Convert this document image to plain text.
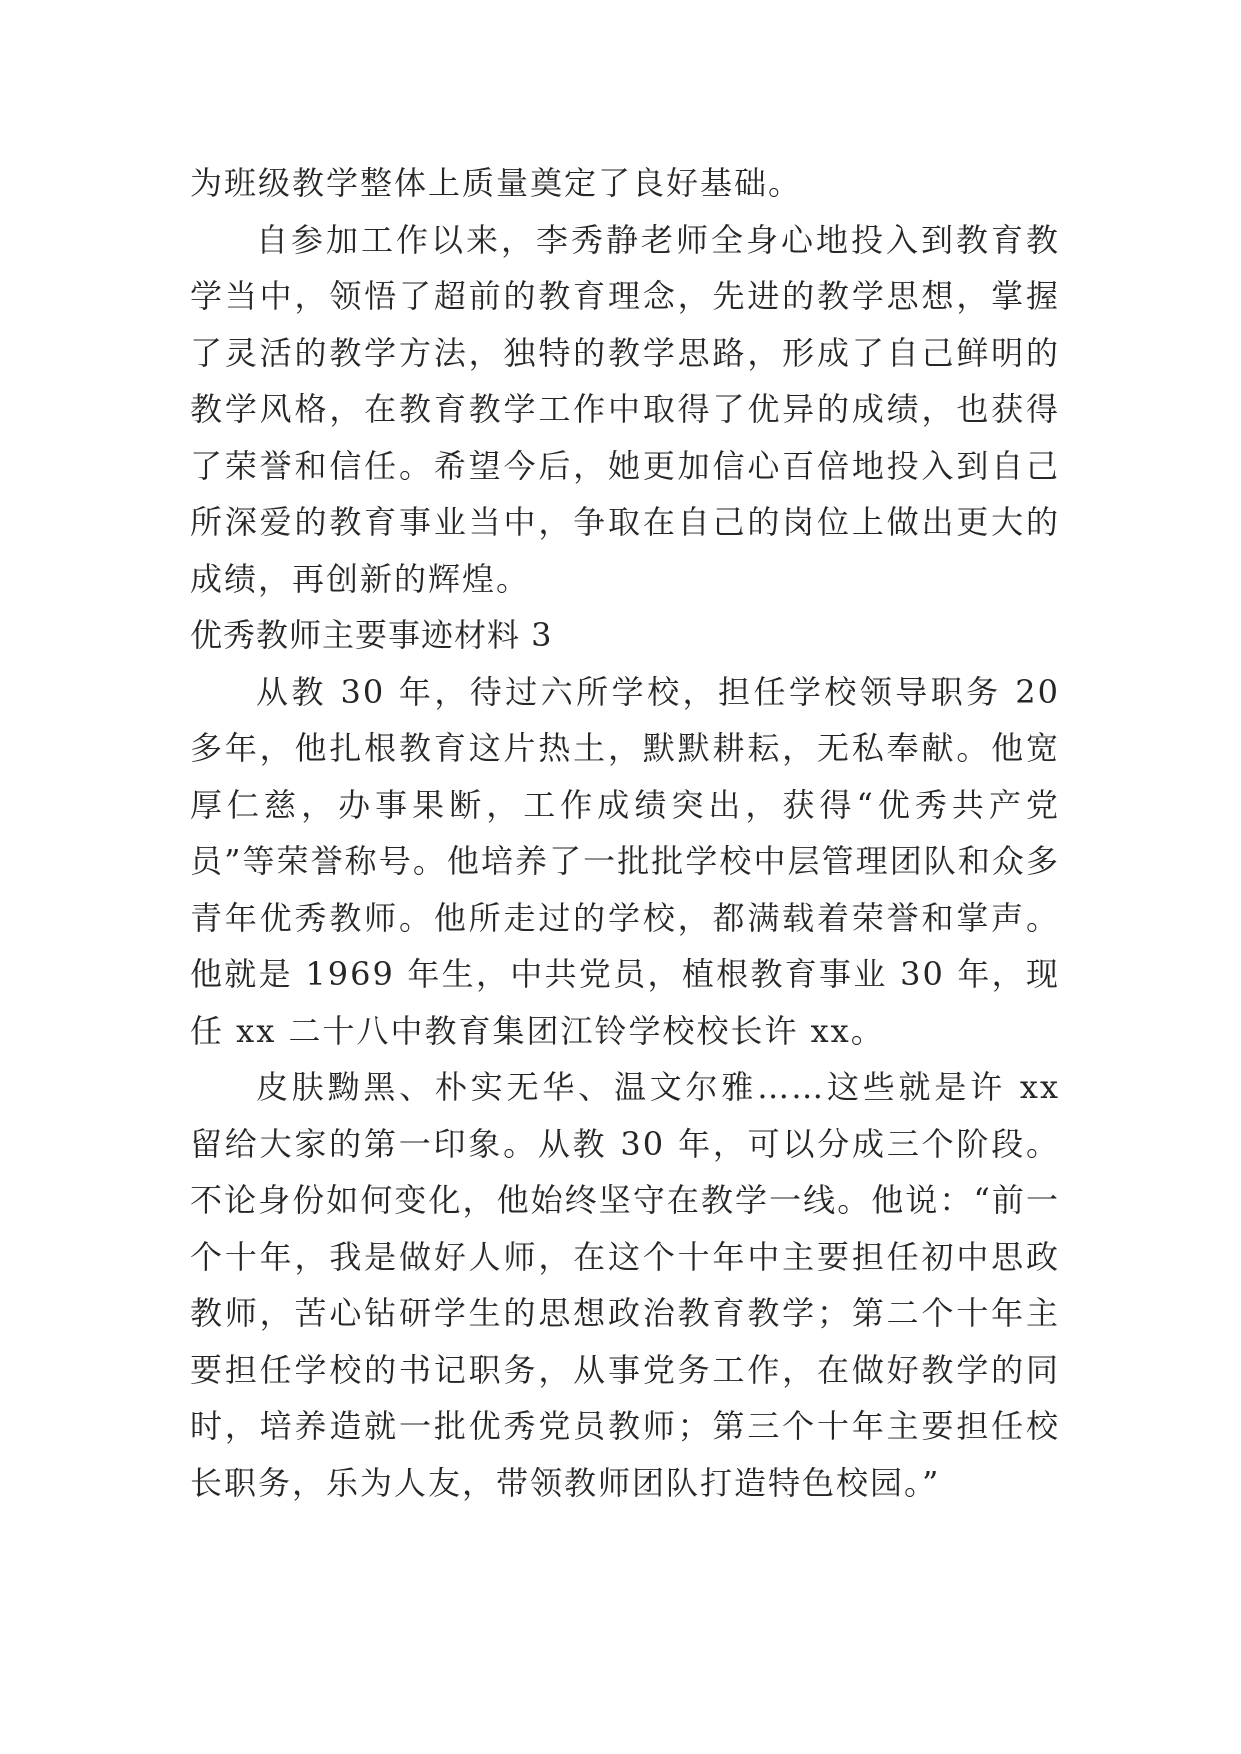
为班级教学整体上质量奠定了良好基础。

自参加工作以来，李秀静老师全身心地投入到教育教学当中，领悟了超前的教育理念，先进的教学思想，掌握了灵活的教学方法，独特的教学思路，形成了自己鲜明的教学风格，在教育教学工作中取得了优异的成绩，也获得了荣誉和信任。希望今后，她更加信心百倍地投入到自己所深爱的教育事业当中，争取在自己的岗位上做出更大的成绩，再创新的辉煌。

优秀教师主要事迹材料 3

从教 30 年，待过六所学校，担任学校领导职务 20 多年，他扎根教育这片热土，默默耕耘，无私奉献。他宽厚仁慈，办事果断，工作成绩突出，获得“优秀共产党员”等荣誉称号。他培养了一批批学校中层管理团队和众多青年优秀教师。他所走过的学校，都满载着荣誉和掌声。他就是 1969 年生，中共党员，植根教育事业 30 年，现任 xx 二十八中教育集团江铃学校校长许 xx。

皮肤黝黑、朴实无华、温文尔雅……这些就是许 xx 留给大家的第一印象。从教 30 年，可以分成三个阶段。不论身份如何变化，他始终坚守在教学一线。他说：“前一个十年，我是做好人师，在这个十年中主要担任初中思政教师，苦心钻研学生的思想政治教育教学；第二个十年主要担任学校的书记职务，从事党务工作，在做好教学的同时，培养造就一批优秀党员教师；第三个十年主要担任校长职务，乐为人友，带领教师团队打造特色校园。”
